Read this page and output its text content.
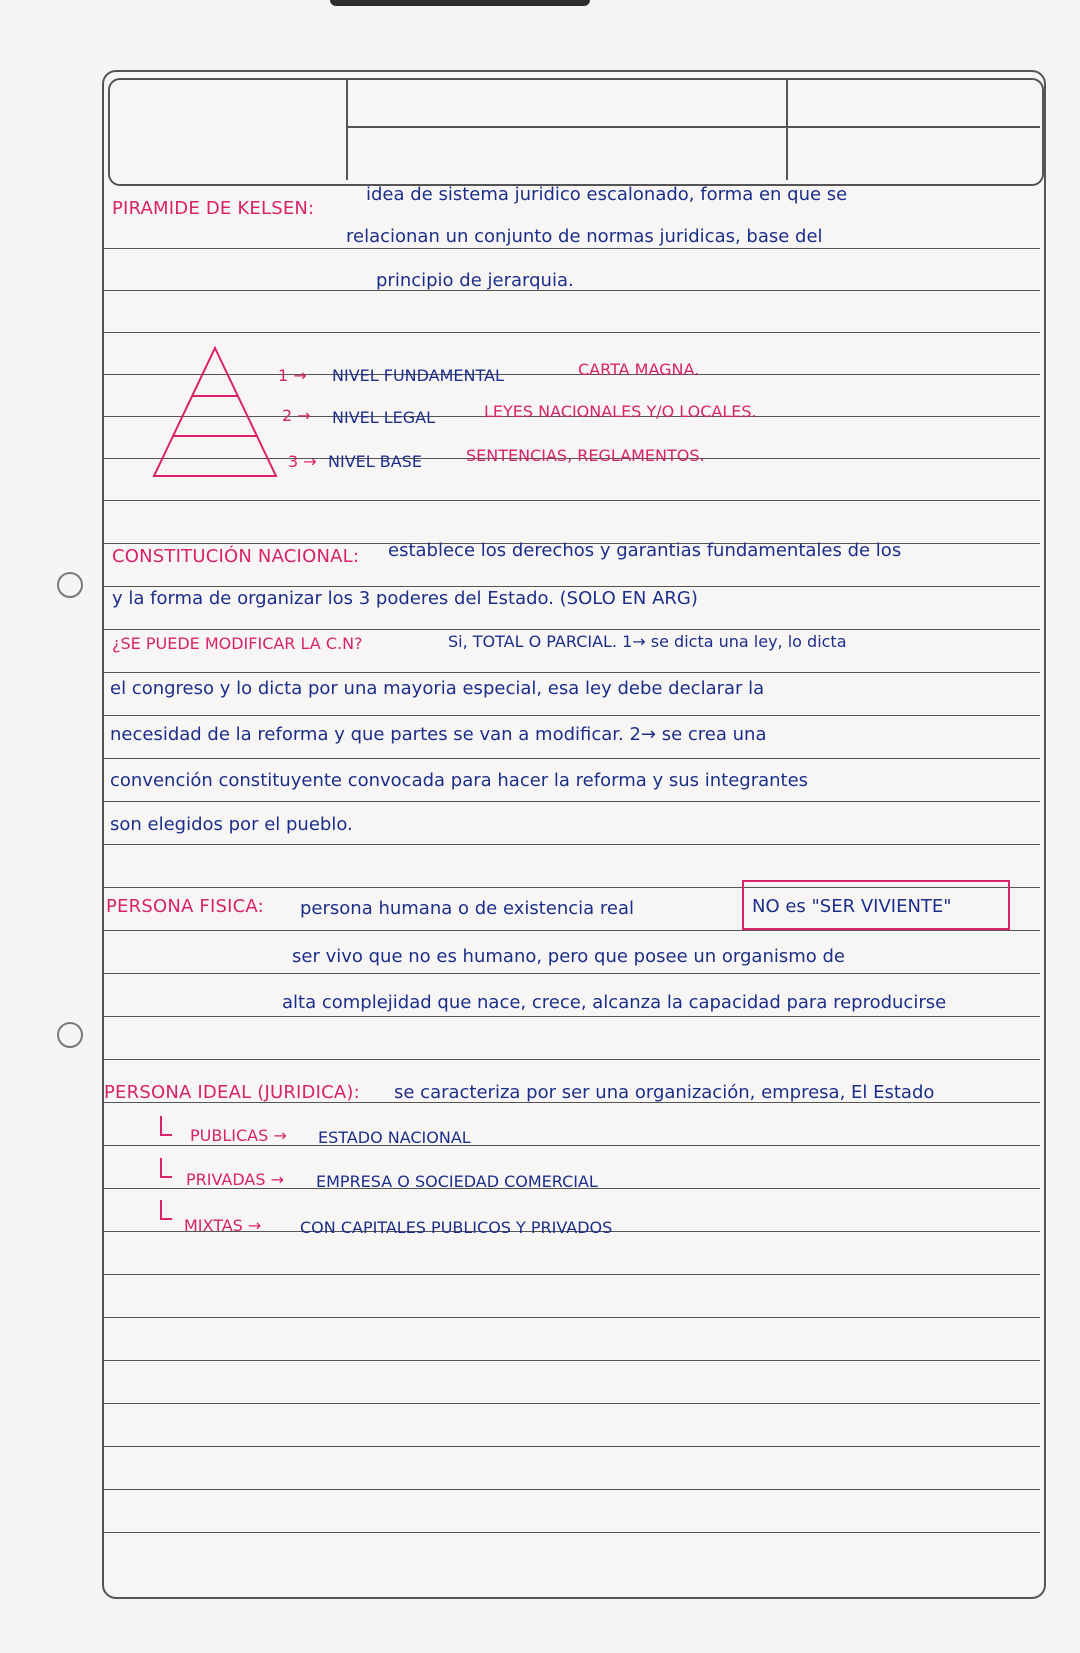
PIRAMIDE DE KELSEN:
idea de sistema juridico escalonado, forma en que se
relacionan un conjunto de normas juridicas, base del
principio de jerarquia.
1 → NIVEL FUNDAMENTAL	CARTA MAGNA.
2 → NIVEL LEGAL	LEYES NACIONALES Y/O LOCALES.
3 → NIVEL BASE	SENTENCIAS, REGLAMENTOS.
CONSTITUCIÓN NACIONAL: establece los derechos y garantias fundamentales de los
y la forma de organizar los 3 poderes del Estado. (SOLO EN ARG)
¿SE PUEDE MODIFICAR LA C.N?	Si, TOTAL O PARCIAL. 1→ se dicta una ley, lo dicta
el congreso y lo dicta por una mayoria especial, esa ley debe declarar la
necesidad de la reforma y que partes se van a modificar. 2→ se crea una
convención constituyente convocada para hacer la reforma y sus integrantes
son elegidos por el pueblo.
PERSONA FISICA: persona humana o de existencia real	NO es "SER VIVIENTE"
ser vivo que no es humano, pero que posee un organismo de
alta complejidad que nace, crece, alcanza la capacidad para reproducirse
PERSONA IDEAL (JURIDICA): se caracteriza por ser una organización, empresa, El Estado
PUBLICAS → ESTADO NACIONAL
PRIVADAS → EMPRESA O SOCIEDAD COMERCIAL
MIXTAS → CON CAPITALES PUBLICOS Y PRIVADOS
